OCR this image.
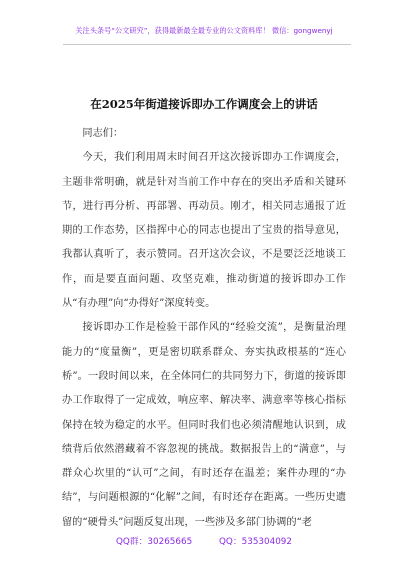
关注头条号“公文研究”，获得最新最全最专业的公文资料库！ 微信：gongwenyj
在2025年街道接诉即办工作调度会上的讲话

同志们：

今天，我们利用周末时间召开这次接诉即办工作调度会，主题非常明确，就是针对当前工作中存在的突出矛盾和关键环节，进行再分析、再部署、再动员。刚才，相关同志通报了近期的工作态势，区指挥中心的同志也提出了宝贵的指导意见，我都认真听了，表示赞同。召开这次会议，不是要泛泛地谈工作，而是要直面问题、攻坚克难，推动街道的接诉即办工作从“有办理”向“办得好”深度转变。

接诉即办工作是检验干部作风的“经验交流”，是衡量治理能力的“度量衡”，更是密切联系群众、夯实执政根基的“连心桥”。一段时间以来，在全体同仁的共同努力下，街道的接诉即办工作取得了一定成效，响应率、解决率、满意率等核心指标保持在较为稳定的水平。但同时我们也必须清醒地认识到，成绩背后依然潜藏着不容忽视的挑战。数据报告上的“满意”，与群众心坎里的“认可”之间，有时还存在温差；案件办理的“办结”，与问题根源的“化解”之间，有时还存在距离。一些历史遗留的“硬骨头”问题反复出现，一些涉及多部门协调的“老

QQ群：30265665	QQ：535304092
